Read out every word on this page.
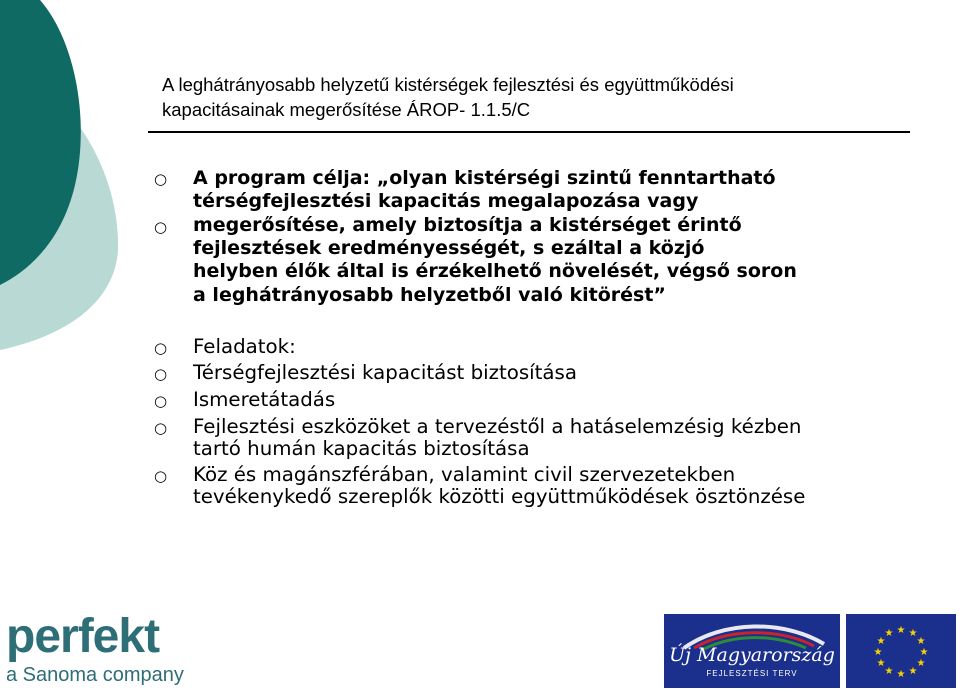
A leghátrányosabb helyzetű kistérségek fejlesztési és együttműködési
kapacitásainak megerősítése ÁROP- 1.1.5/C
○
○
A program célja: „olyan kistérségi szintű fenntartható
térségfejlesztési kapacitás megalapozása vagy
megerősítése, amely biztosítja a kistérséget érintő
fejlesztések eredményességét, s ezáltal a közjó
helyben élők által is érzékelhető növelését, végső soron
a leghátrányosabb helyzetből való kitörést”
○ Feladatok:
○ Térségfejlesztési kapacitást biztosítása
○ Ismeretátadás
○ Fejlesztési eszközöket a tervezéstől a hatáselemzésig kézben
tartó humán kapacitás biztosítása
○ Köz és magánszférában, valamint civil szervezetekben
tevékenykedő szereplők közötti együttműködések ösztönzése
perfekt
a Sanoma company
Új Magyarország
FEJLESZTÉSI TERV
★ ★
★
★
★
★
★
★
★
★
★
★
